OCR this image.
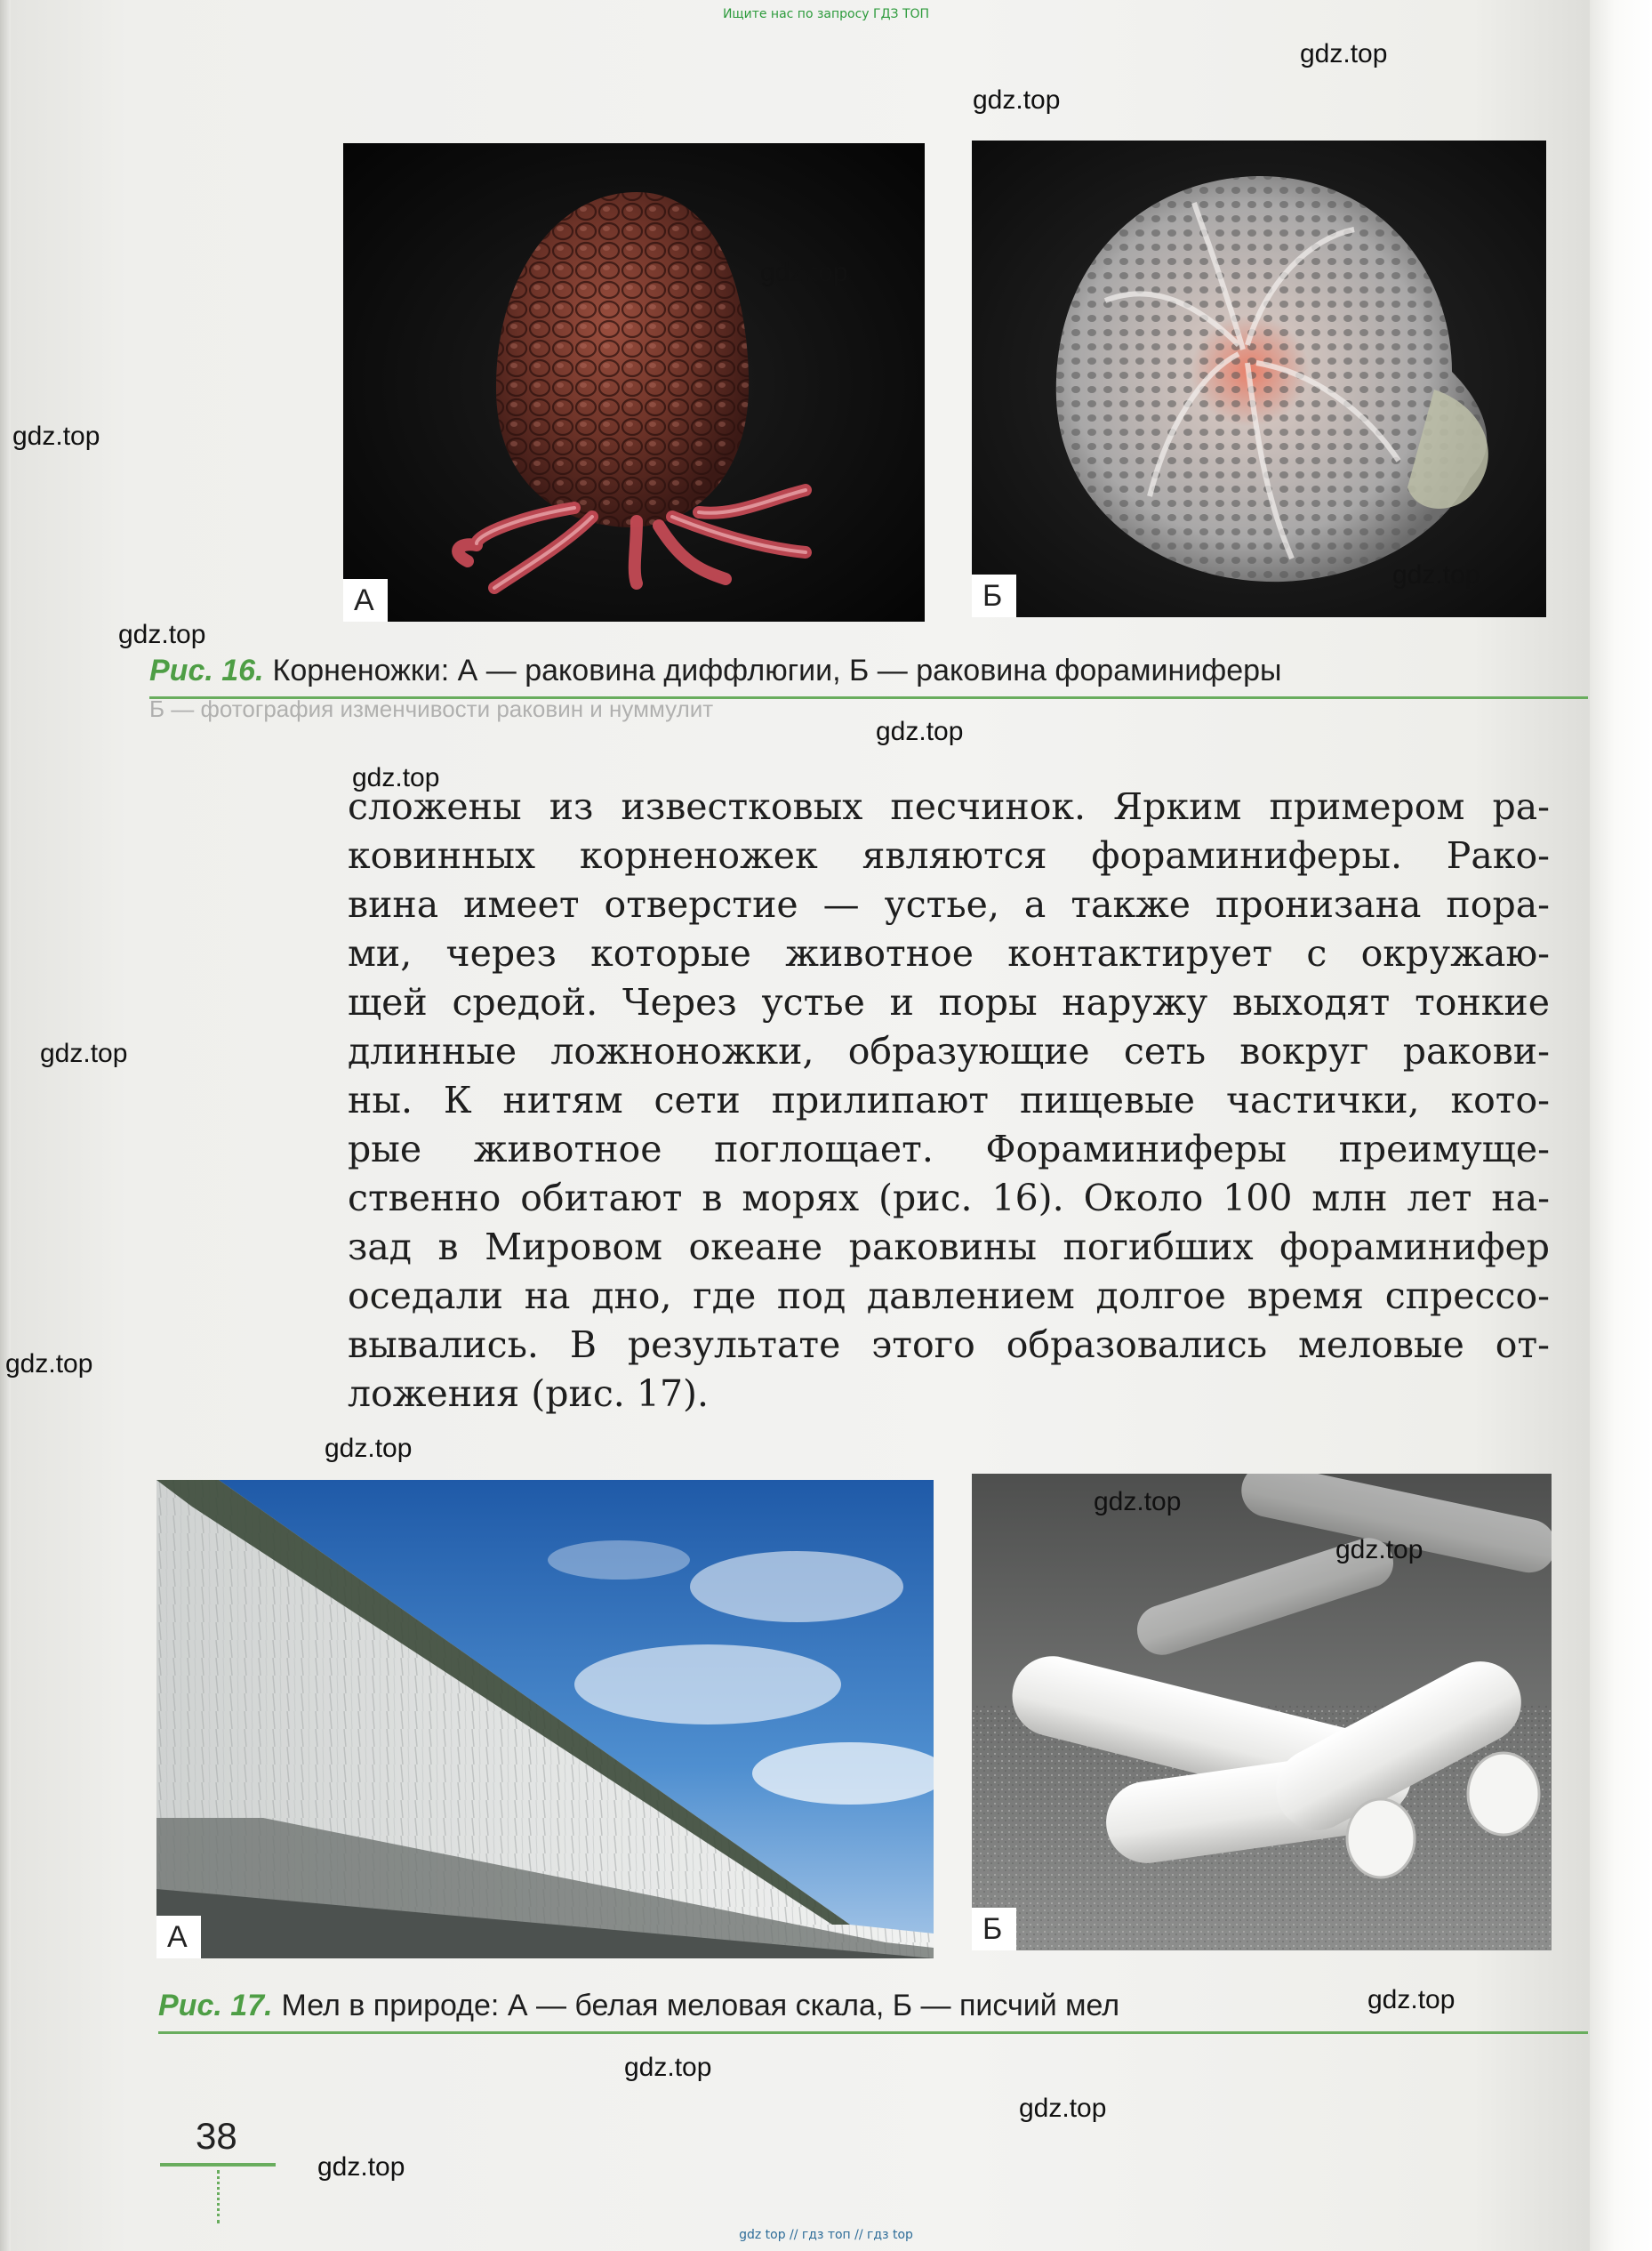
Ищите нас по запросу ГДЗ ТОП
А	Б
Рис. 16. Корненожки: А — раковина диффлюгии, Б — раковина фораминиферы
Б — фотография изменчивости раковин и нуммулит
сложены из известковых песчинок. Ярким примером ра-
ковинных корненожек являются фораминиферы. Рако-
вина имеет отверстие — устье, а также пронизана пора-
ми, через которые животное контактирует с окружаю-
щей средой. Через устье и поры наружу выходят тонкие
длинные ложноножки, образующие сеть вокруг ракови-
ны. К нитям сети прилипают пищевые частички, кото-
рые животное поглощает. Фораминиферы преимуще-
ственно обитают в морях (рис. 16). Около 100 млн лет на-
зад в Мировом океане раковины погибших фораминифер
оседали на дно, где под давлением долгое время спрессо-
вывались. В результате этого образовались меловые от-
ложения (рис. 17).
А	Б
Рис. 17. Мел в природе: А — белая меловая скала, Б — писчий мел
gdz.top
gdz.top
gdz.top
gdz.top
gdz.top
gdz.top
gdz.top
gdz.top
gdz.top
gdz.top
gdz.top
gdz.top
gdz.top
gdz.top
gdz.top
gdz.top
gdz.top
38
gdz top // гдз топ // гдз top
